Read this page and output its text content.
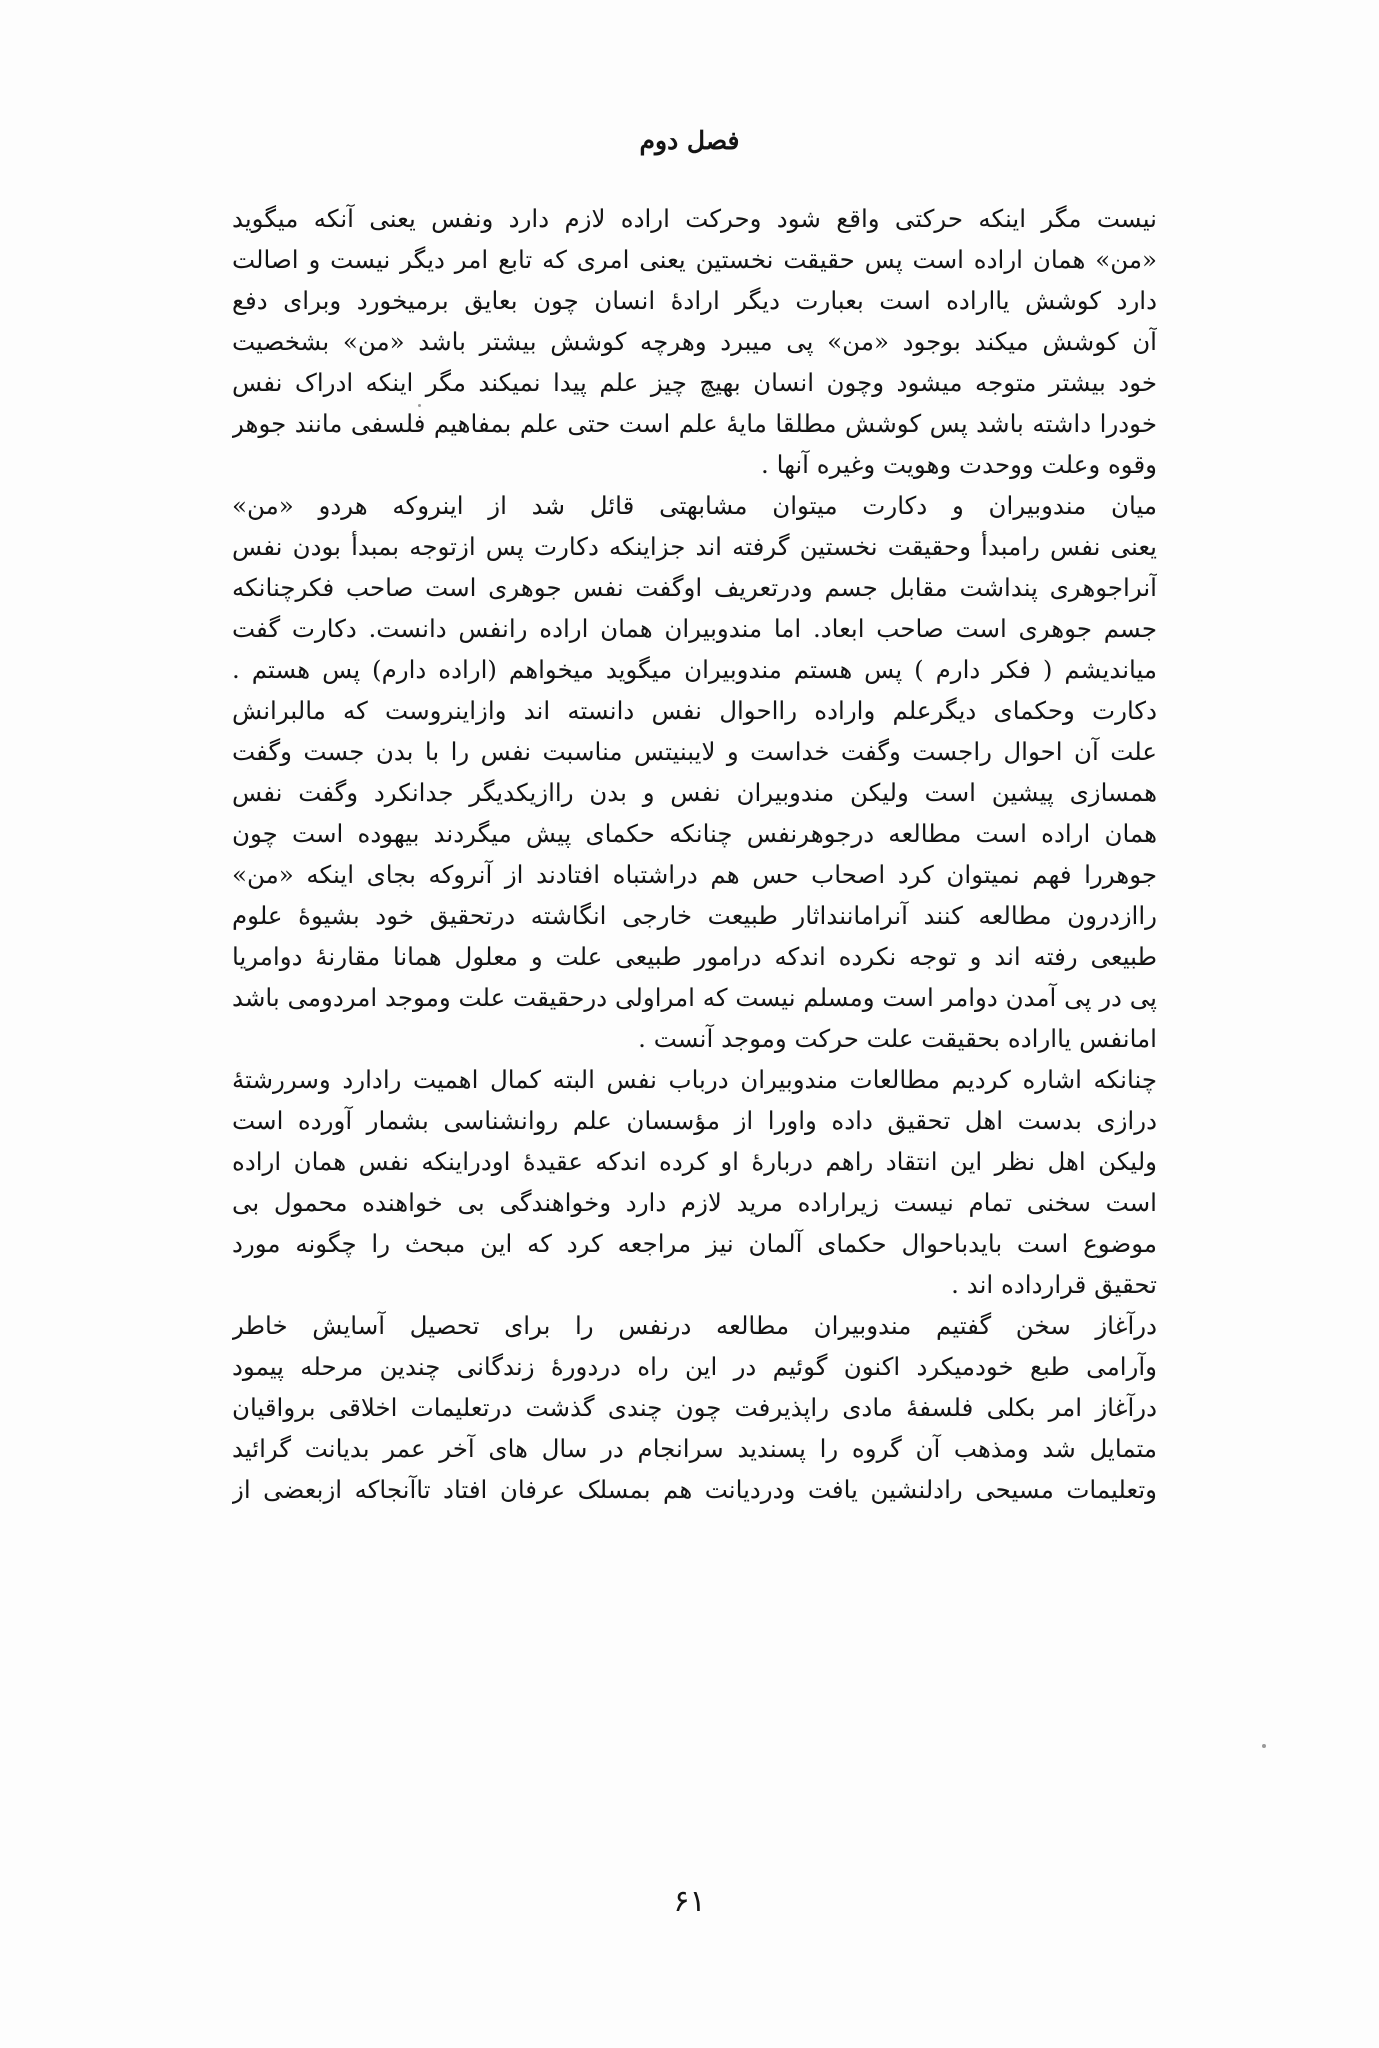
فصل دوم
نیست مگر اینکه حرکتی واقع شود وحرکت اراده لازم دارد ونفس یعنی آنکه میگوید
«من» همان اراده است پس حقیقت نخستین یعنی امری که تابع امر دیگر نیست و اصالت
دارد کوشش یااراده است بعبارت دیگر ارادهٔ انسان چون بعایق برمیخورد وبرای دفع
آن کوشش میکند بوجود «من» پی میبرد وهرچه کوشش بیشتر باشد «من» بشخصیت
خود بیشتر متوجه میشود وچون انسان بهیچ چیز علم پیدا نمیکند مگر اینکه ادراک نفس
خودرا داشته باشد پس کوشش مطلقا مایهٔ علم است حتی علم بمفاهیم فلسفی مانند جوهر
وقوه وعلت ووحدت وهویت وغیره آنها .
میان مندوبیران و دکارت میتوان مشابهتی قائل شد از اینروکه هردو «من»
یعنی نفس رامبدأ وحقیقت نخستین گرفته اند جزاینکه دکارت پس ازتوجه بمبدأ بودن نفس
آنراجوهری پنداشت مقابل جسم ودرتعریف اوگفت نفس جوهری است صاحب فکرچنانکه
جسم جوهری است صاحب ابعاد. اما مندوبیران همان اراده رانفس دانست. دکارت گفت
میاندیشم ( فکر دارم ) پس هستم مندوبیران میگوید میخواهم (اراده دارم) پس هستم .
دکارت وحکمای دیگرعلم واراده رااحوال نفس دانسته اند وازاینروست که مالبرانش
علت آن احوال راجست وگفت خداست و لایبنیتس مناسبت نفس را با بدن جست وگفت
همسازی پیشین است ولیکن مندوبیران نفس و بدن راازیکدیگر جدانکرد وگفت نفس
همان اراده است مطالعه درجوهرنفس چنانکه حکمای پیش میگردند بیهوده است چون
جوهررا فهم نمیتوان کرد اصحاب حس هم دراشتباه افتادند از آنروکه بجای اینکه «من»
راازدرون مطالعه کنند آنراماننداثار طبیعت خارجی انگاشته درتحقیق خود بشیوهٔ علوم
طبیعی رفته اند و توجه نکرده اندکه درامور طبیعی علت و معلول همانا مقارنهٔ دوامریا
پی در پی آمدن دوامر است ومسلم نیست که امراولی درحقیقت علت وموجد امردومی باشد
امانفس یااراده بحقیقت علت حرکت وموجد آنست .
چنانکه اشاره کردیم مطالعات مندوبیران درباب نفس البته کمال اهمیت رادارد وسررشتهٔ
درازی بدست اهل تحقیق داده واورا از مؤسسان علم روانشناسی بشمار آورده است
ولیکن اهل نظر این انتقاد راهم دربارهٔ او کرده اندکه عقیدهٔ اودراینکه نفس همان اراده
است سخنی تمام نیست زیراراده مرید لازم دارد وخواهندگی بی خواهنده محمول بی
موضوع است بایدباحوال حکمای آلمان نیز مراجعه کرد که این مبحث را چگونه مورد
تحقیق قرارداده اند .
درآغاز سخن گفتیم مندوبیران مطالعه درنفس را برای تحصیل آسایش خاطر
وآرامی طبع خودمیکرد اکنون گوئیم در این راه دردورهٔ زندگانی چندین مرحله پیمود
درآغاز امر بکلی فلسفهٔ مادی راپذیرفت چون چندی گذشت درتعلیمات اخلاقی برواقیان
متمایل شد ومذهب آن گروه را پسندید سرانجام در سال های آخر عمر بدیانت گرائید
وتعلیمات مسیحی رادلنشین یافت ودردیانت هم بمسلک عرفان افتاد تاآنجاکه ازبعضی از
۶۱
